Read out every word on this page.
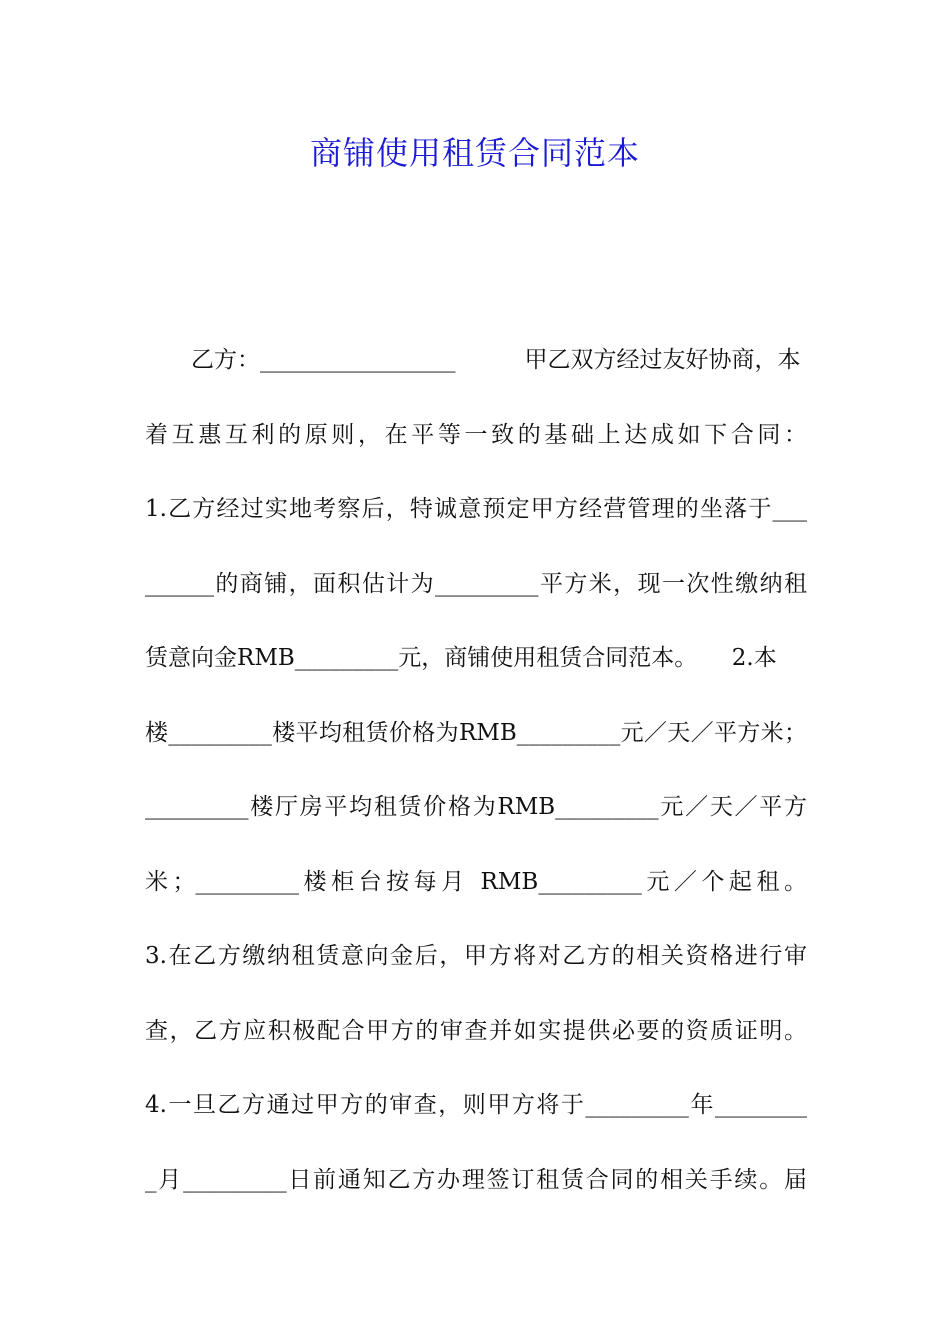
商铺使用租赁合同范本
　　乙方：_________________　　　甲乙双方经过友好协商，本
着互惠互利的原则，在平等一致的基础上达成如下合同：
1.乙方经过实地考察后，特诚意预定甲方经营管理的坐落于___
______的商铺，面积估计为_________平方米，现一次性缴纳租
赁意向金RMB_________元，商铺使用租赁合同范本。　　2.本
楼_________楼平均租赁价格为RMB_________元／天／平方米；
_________楼厅房平均租赁价格为RMB_________元／天／平方
米；_________楼柜台按每月 RMB_________元／个起租。
3.在乙方缴纳租赁意向金后，甲方将对乙方的相关资格进行审
查，乙方应积极配合甲方的审查并如实提供必要的资质证明。
4.一旦乙方通过甲方的审查，则甲方将于_________年________
_月_________日前通知乙方办理签订租赁合同的相关手续。届
